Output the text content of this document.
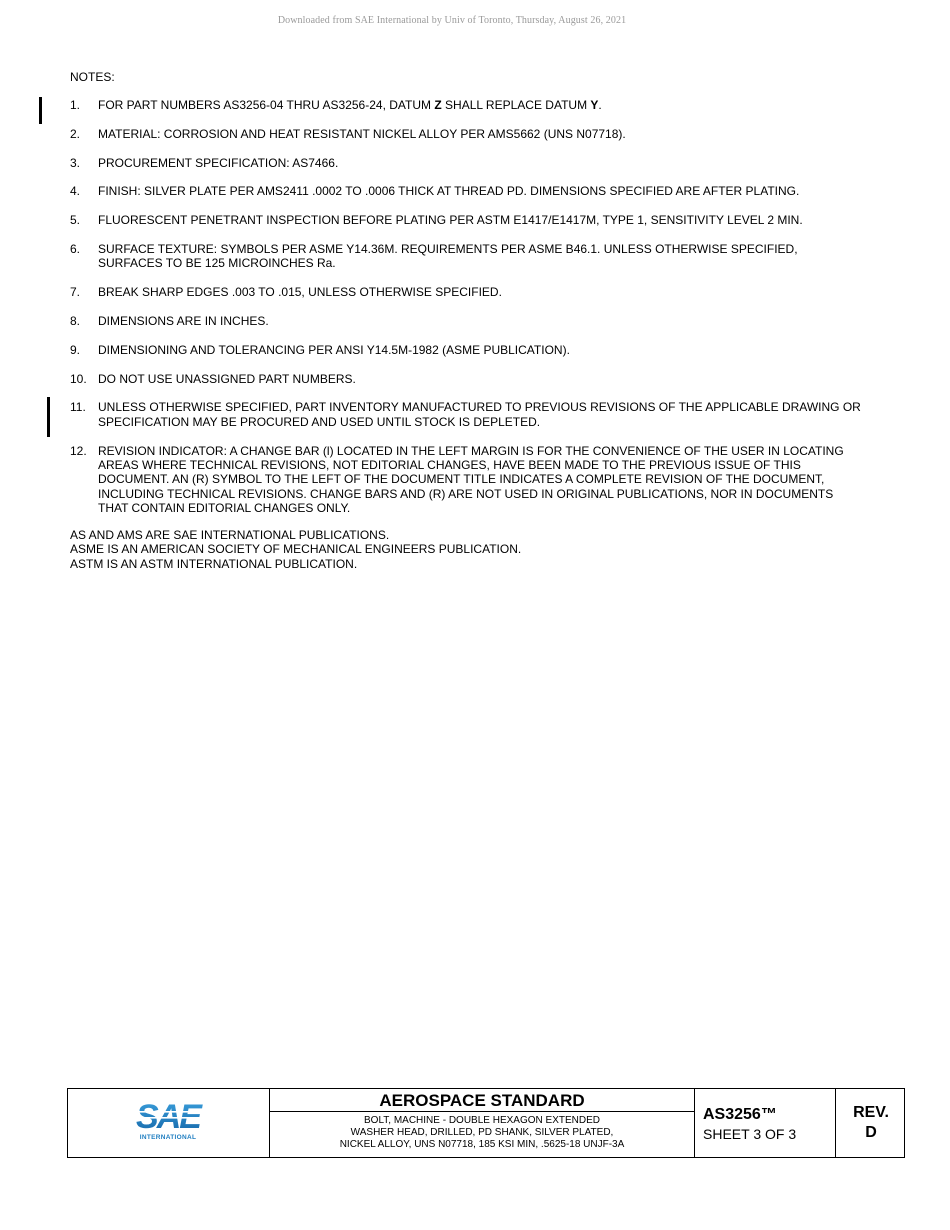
Downloaded from SAE International by Univ of Toronto, Thursday, August 26, 2021
NOTES:
1.	FOR PART NUMBERS AS3256-04 THRU AS3256-24, DATUM Z SHALL REPLACE DATUM Y.
2.	MATERIAL: CORROSION AND HEAT RESISTANT NICKEL ALLOY PER AMS5662 (UNS N07718).
3.	PROCUREMENT SPECIFICATION: AS7466.
4.	FINISH: SILVER PLATE PER AMS2411 .0002 TO .0006 THICK AT THREAD PD. DIMENSIONS SPECIFIED ARE AFTER PLATING.
5.	FLUORESCENT PENETRANT INSPECTION BEFORE PLATING PER ASTM E1417/E1417M, TYPE 1, SENSITIVITY LEVEL 2 MIN.
6.	SURFACE TEXTURE: SYMBOLS PER ASME Y14.36M. REQUIREMENTS PER ASME B46.1. UNLESS OTHERWISE SPECIFIED,
SURFACES TO BE 125 MICROINCHES Ra.
7.	BREAK SHARP EDGES .003 TO .015, UNLESS OTHERWISE SPECIFIED.
8.	DIMENSIONS ARE IN INCHES.
9.	DIMENSIONING AND TOLERANCING PER ANSI Y14.5M-1982 (ASME PUBLICATION).
10. DO NOT USE UNASSIGNED PART NUMBERS.
11.	UNLESS OTHERWISE SPECIFIED, PART INVENTORY MANUFACTURED TO PREVIOUS REVISIONS OF THE APPLICABLE DRAWING OR
SPECIFICATION MAY BE PROCURED AND USED UNTIL STOCK IS DEPLETED.
12. REVISION INDICATOR: A CHANGE BAR (l) LOCATED IN THE LEFT MARGIN IS FOR THE CONVENIENCE OF THE USER IN LOCATING
AREAS WHERE TECHNICAL REVISIONS, NOT EDITORIAL CHANGES, HAVE BEEN MADE TO THE PREVIOUS ISSUE OF THIS
DOCUMENT. AN (R) SYMBOL TO THE LEFT OF THE DOCUMENT TITLE INDICATES A COMPLETE REVISION OF THE DOCUMENT,
INCLUDING TECHNICAL REVISIONS. CHANGE BARS AND (R) ARE NOT USED IN ORIGINAL PUBLICATIONS, NOR IN DOCUMENTS
THAT CONTAIN EDITORIAL CHANGES ONLY.
AS AND AMS ARE SAE INTERNATIONAL PUBLICATIONS.
ASME IS AN AMERICAN SOCIETY OF MECHANICAL ENGINEERS PUBLICATION.
ASTM IS AN ASTM INTERNATIONAL PUBLICATION.
INTERNATIONAL
AEROSPACE STANDARD
BOLT, MACHINE - DOUBLE HEXAGON EXTENDED
WASHER HEAD, DRILLED, PD SHANK, SILVER PLATED,
NICKEL ALLOY, UNS N07718, 185 KSI MIN, .5625-18 UNJF-3A
AS3256™
SHEET 3 OF 3
REV.
D
